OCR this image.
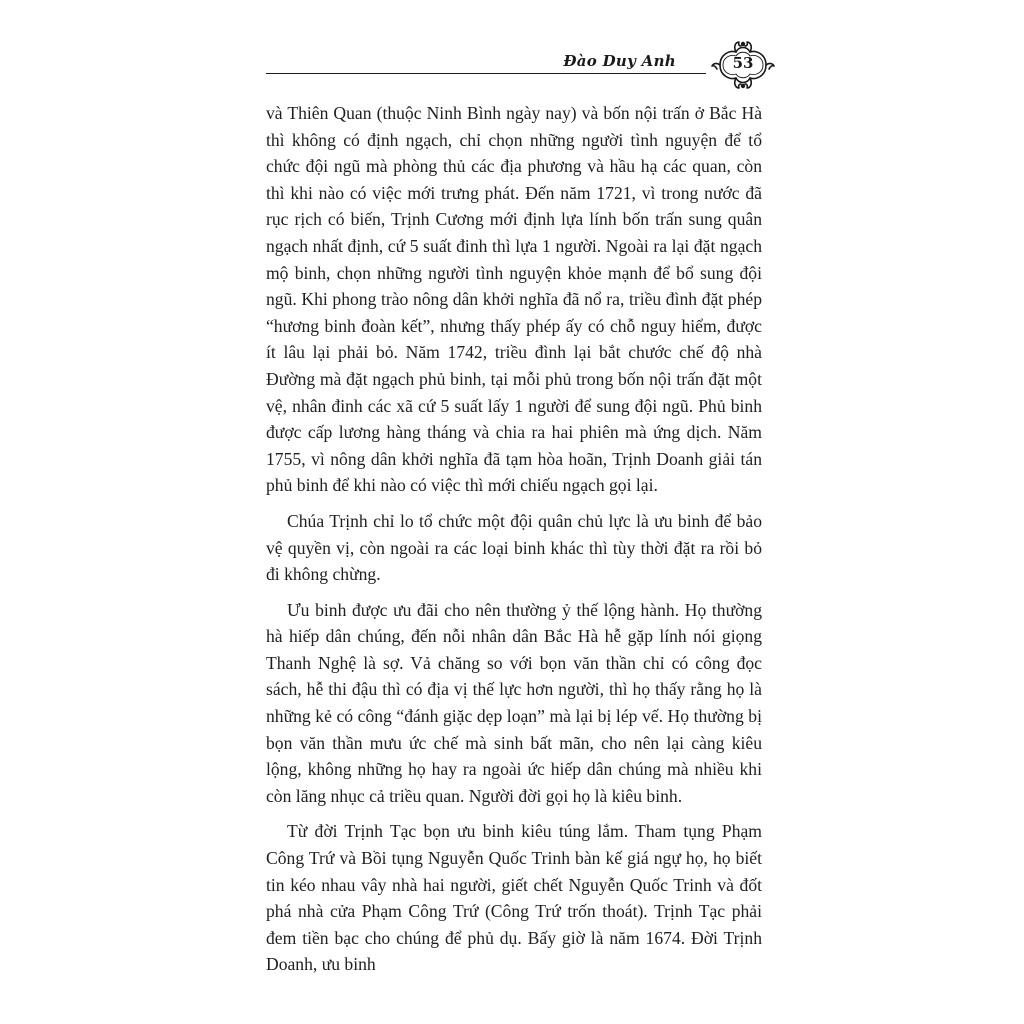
Đào Duy Anh	53

và Thiên Quan (thuộc Ninh Bình ngày nay) và bốn nội trấn ở Bắc Hà thì không có định ngạch, chỉ chọn những người tình nguyện để tổ chức đội ngũ mà phòng thủ các địa phương và hầu hạ các quan, còn thì khi nào có việc mới trưng phát. Đến năm 1721, vì trong nước đã rục rịch có biến, Trịnh Cương mới định lựa lính bốn trấn sung quân ngạch nhất định, cứ 5 suất đinh thì lựa 1 người. Ngoài ra lại đặt ngạch mộ binh, chọn những người tình nguyện khỏe mạnh để bổ sung đội ngũ. Khi phong trào nông dân khởi nghĩa đã nổ ra, triều đình đặt phép “hương binh đoàn kết”, nhưng thấy phép ấy có chỗ nguy hiểm, được ít lâu lại phải bỏ. Năm 1742, triều đình lại bắt chước chế độ nhà Đường mà đặt ngạch phủ binh, tại mỗi phủ trong bốn nội trấn đặt một vệ, nhân đinh các xã cứ 5 suất lấy 1 người để sung đội ngũ. Phủ binh được cấp lương hàng tháng và chia ra hai phiên mà ứng dịch. Năm 1755, vì nông dân khởi nghĩa đã tạm hòa hoãn, Trịnh Doanh giải tán phủ binh để khi nào có việc thì mới chiếu ngạch gọi lại.

Chúa Trịnh chỉ lo tổ chức một đội quân chủ lực là ưu binh để bảo vệ quyền vị, còn ngoài ra các loại binh khác thì tùy thời đặt ra rồi bỏ đi không chừng.

Ưu binh được ưu đãi cho nên thường ỷ thế lộng hành. Họ thường hà hiếp dân chúng, đến nỗi nhân dân Bắc Hà hễ gặp lính nói giọng Thanh Nghệ là sợ. Vả chăng so với bọn văn thần chỉ có công đọc sách, hễ thi đậu thì có địa vị thế lực hơn người, thì họ thấy rằng họ là những kẻ có công “đánh giặc dẹp loạn” mà lại bị lép vế. Họ thường bị bọn văn thần mưu ức chế mà sinh bất mãn, cho nên lại càng kiêu lộng, không những họ hay ra ngoài ức hiếp dân chúng mà nhiều khi còn lăng nhục cả triều quan. Người đời gọi họ là kiêu binh.

Từ đời Trịnh Tạc bọn ưu binh kiêu túng lắm. Tham tụng Phạm Công Trứ và Bồi tụng Nguyễn Quốc Trinh bàn kế giá ngự họ, họ biết tin kéo nhau vây nhà hai người, giết chết Nguyễn Quốc Trinh và đốt phá nhà cửa Phạm Công Trứ (Công Trứ trốn thoát). Trịnh Tạc phải đem tiền bạc cho chúng để phủ dụ. Bấy giờ là năm 1674. Đời Trịnh Doanh, ưu binh
